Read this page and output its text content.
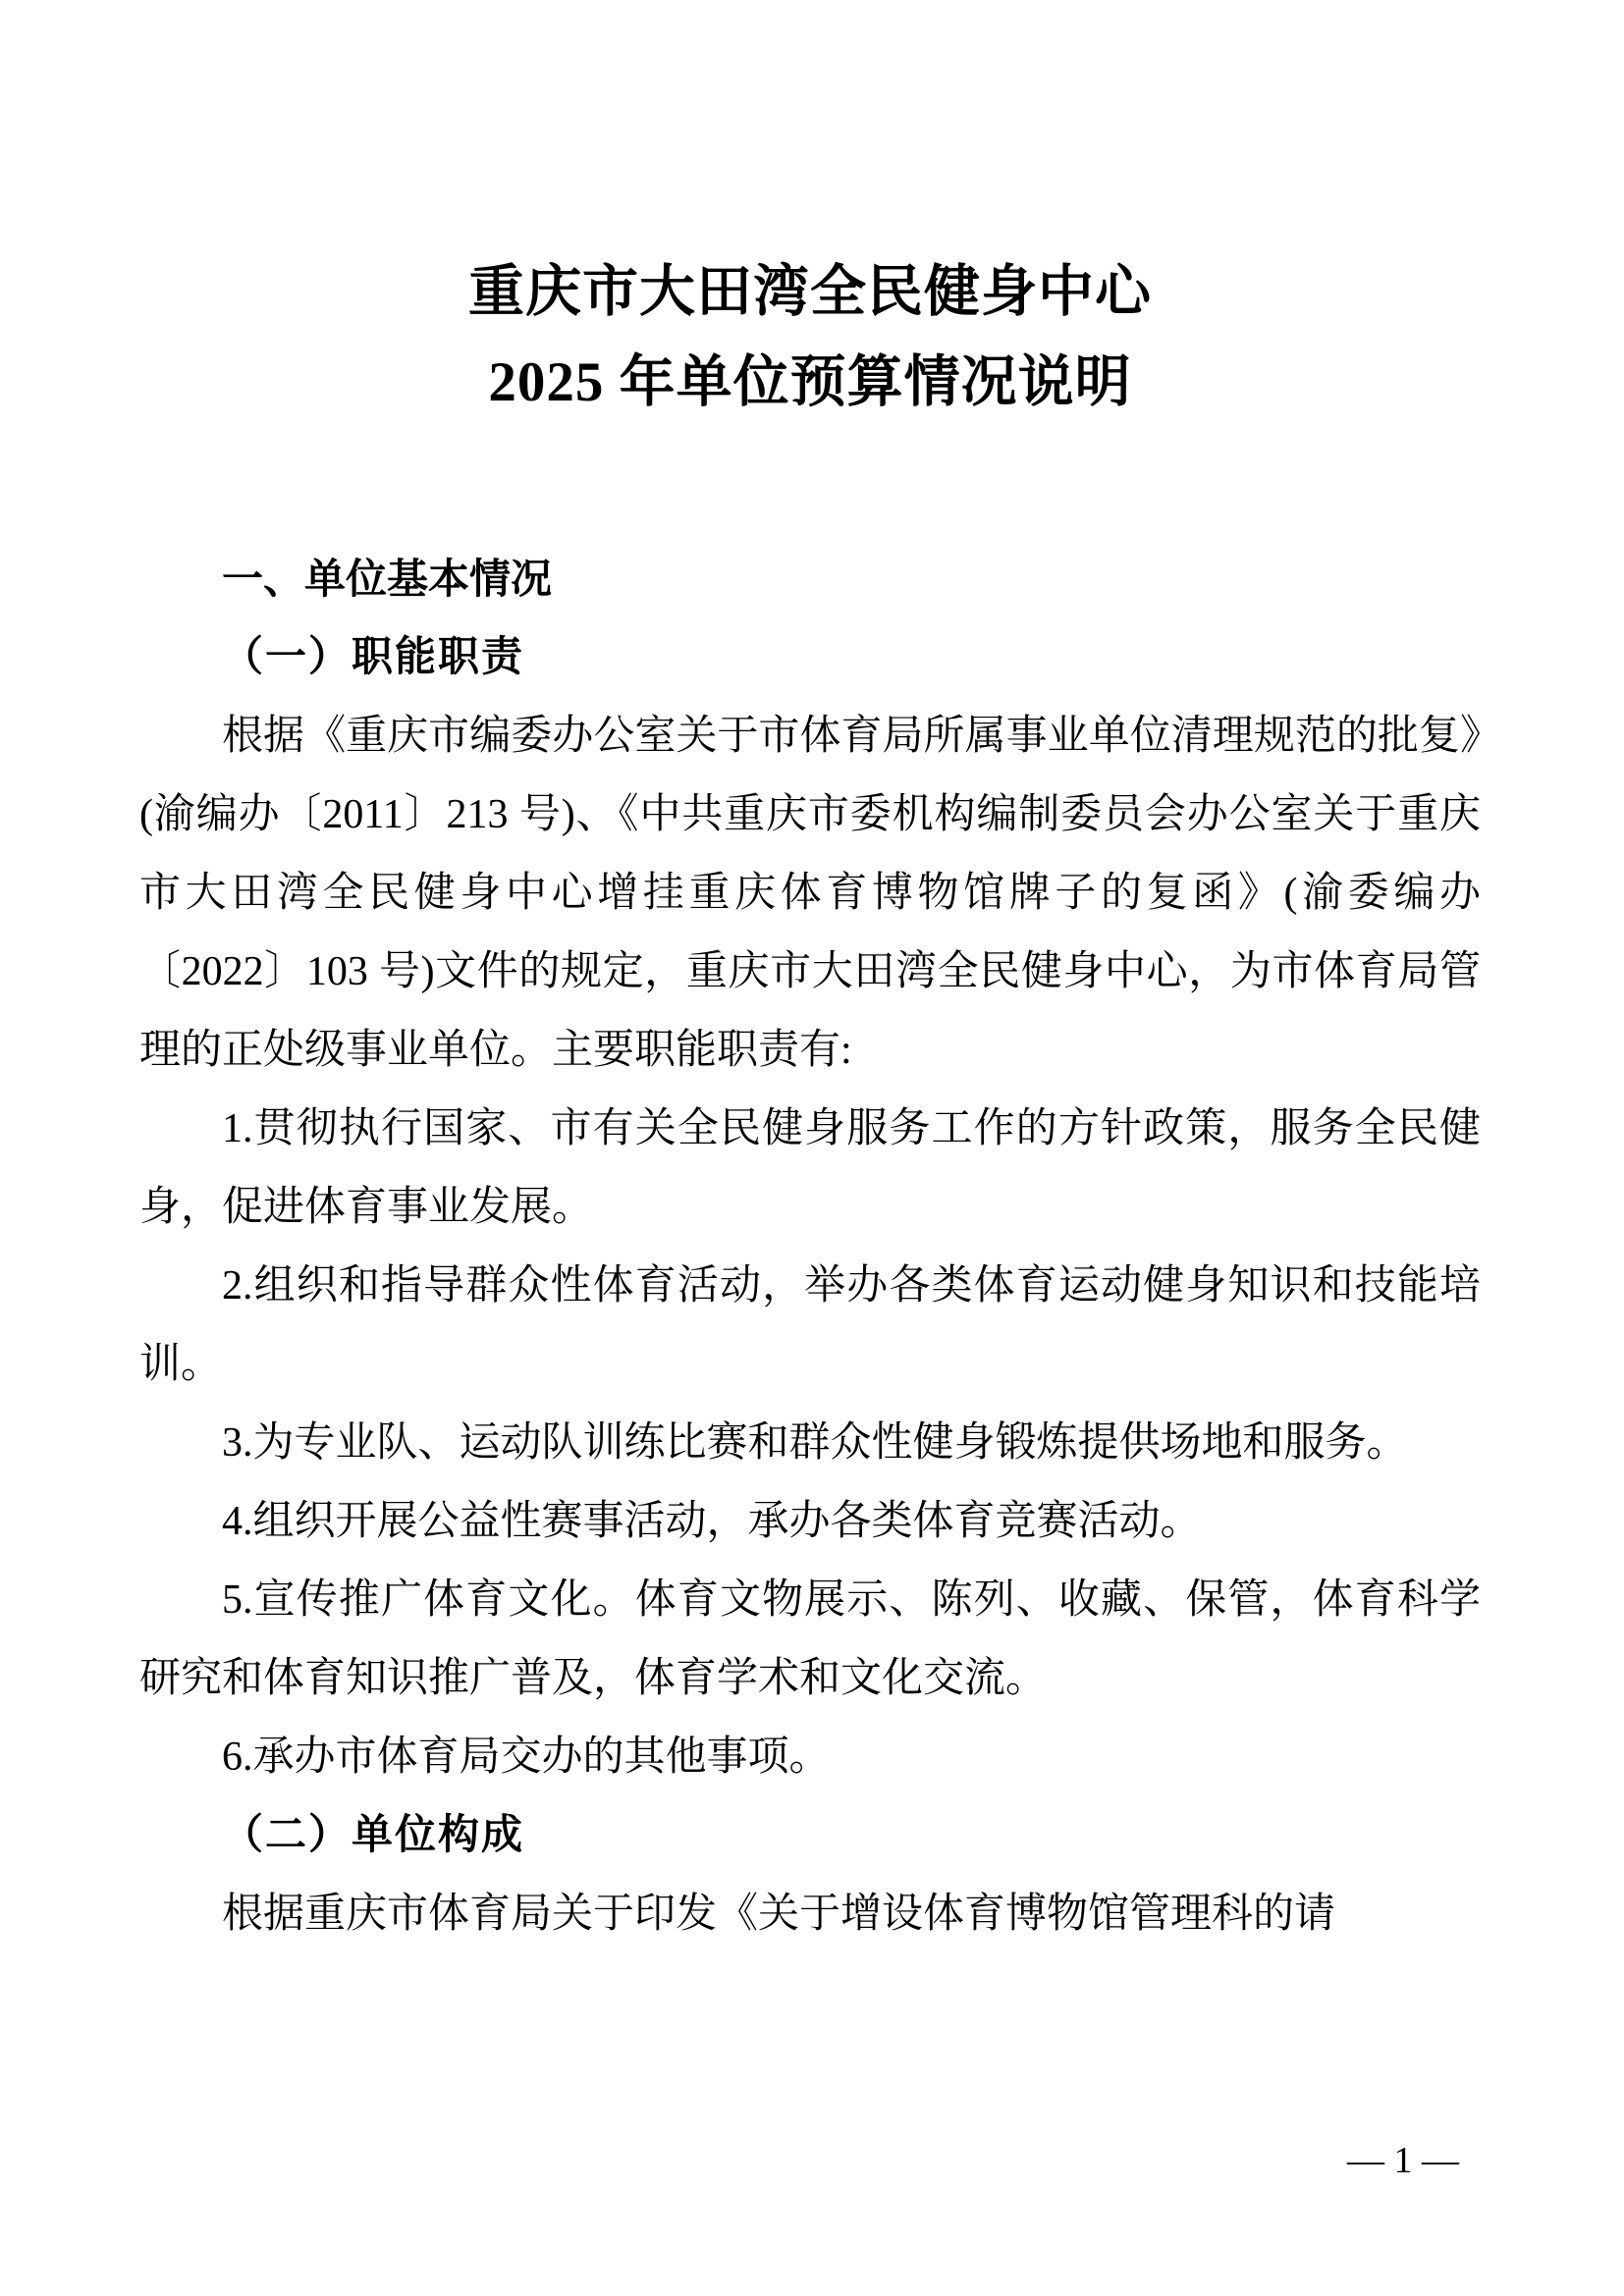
重庆市大田湾全民健身中心
2025 年单位预算情况说明
一、单位基本情况
（一）职能职责

根据《重庆市编委办公室关于市体育局所属事业单位清理规范的批复》(渝编办〔2011〕213 号)、《中共重庆市委机构编制委员会办公室关于重庆市大田湾全民健身中心增挂重庆体育博物馆牌子的复函》(渝委编办〔2022〕103 号)文件的规定，重庆市大田湾全民健身中心，为市体育局管理的正处级事业单位。主要职能职责有:

1.贯彻执行国家、市有关全民健身服务工作的方针政策，服务全民健身，促进体育事业发展。

2.组织和指导群众性体育活动，举办各类体育运动健身知识和技能培训。

3.为专业队、运动队训练比赛和群众性健身锻炼提供场地和服务。

4.组织开展公益性赛事活动，承办各类体育竞赛活动。

5.宣传推广体育文化。体育文物展示、陈列、收藏、保管，体育科学研究和体育知识推广普及，体育学术和文化交流。

6.承办市体育局交办的其他事项。

（二）单位构成

根据重庆市体育局关于印发《关于增设体育博物馆管理科的请

— 1 —
